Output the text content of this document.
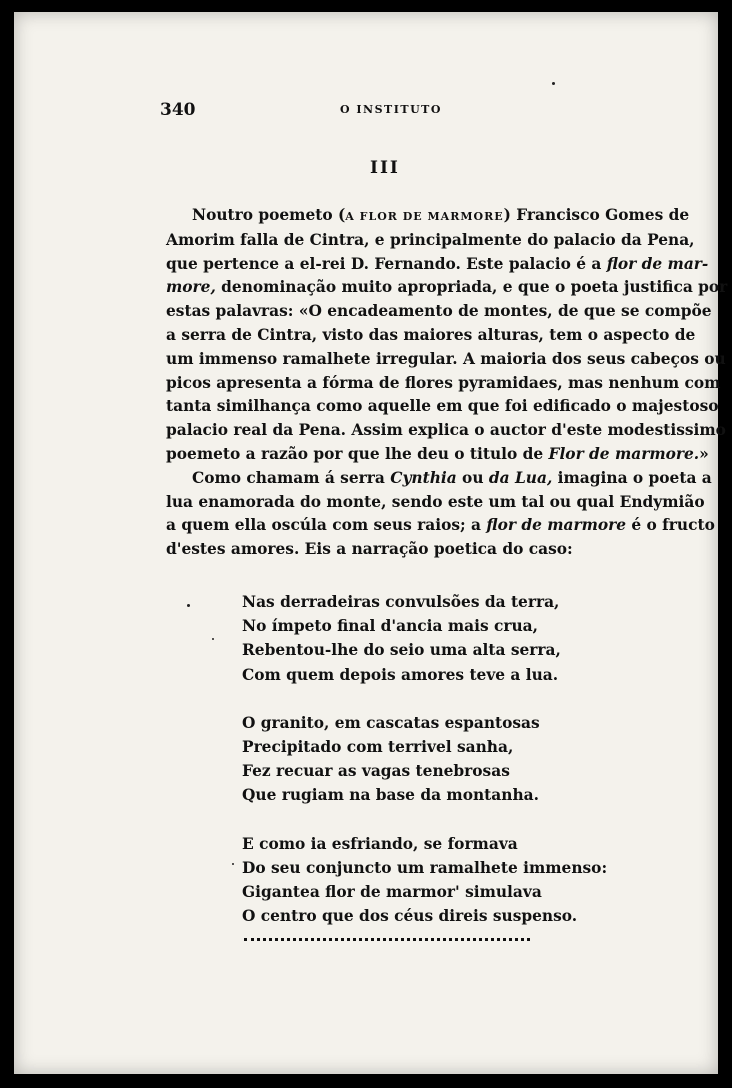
340	O INSTITUTO
III
Noutro poemeto (A FLOR DE MARMORE) Francisco Gomes de
Amorim falla de Cintra, e principalmente do palacio da Pena,
que pertence a el-rei D. Fernando. Este palacio é a flor de mar-
more, denominação muito apropriada, e que o poeta justifica por
estas palavras: «O encadeamento de montes, de que se compõe
a serra de Cintra, visto das maiores alturas, tem o aspecto de
um immenso ramalhete irregular. A maioria dos seus cabeços ou
picos apresenta a fórma de flores pyramidaes, mas nenhum com
tanta similhança como aquelle em que foi edificado o majestoso
palacio real da Pena. Assim explica o auctor d'este modestissimo
poemeto a razão por que lhe deu o titulo de Flor de marmore.»
Como chamam á serra Cynthia ou da Lua, imagina o poeta a
lua enamorada do monte, sendo este um tal ou qual Endymião
a quem ella oscúla com seus raios; a flor de marmore é o fructo
d'estes amores. Eis a narração poetica do caso:
Nas derradeiras convulsões da terra,
No ímpeto final d'ancia mais crua,
Rebentou-lhe do seio uma alta serra,
Com quem depois amores teve a lua.
O granito, em cascatas espantosas
Precipitado com terrivel sanha,
Fez recuar as vagas tenebrosas
Que rugiam na base da montanha.
E como ia esfriando, se formava
Do seu conjuncto um ramalhete immenso:
Gigantea flor de marmor' simulava
O centro que dos céus direis suspenso.
